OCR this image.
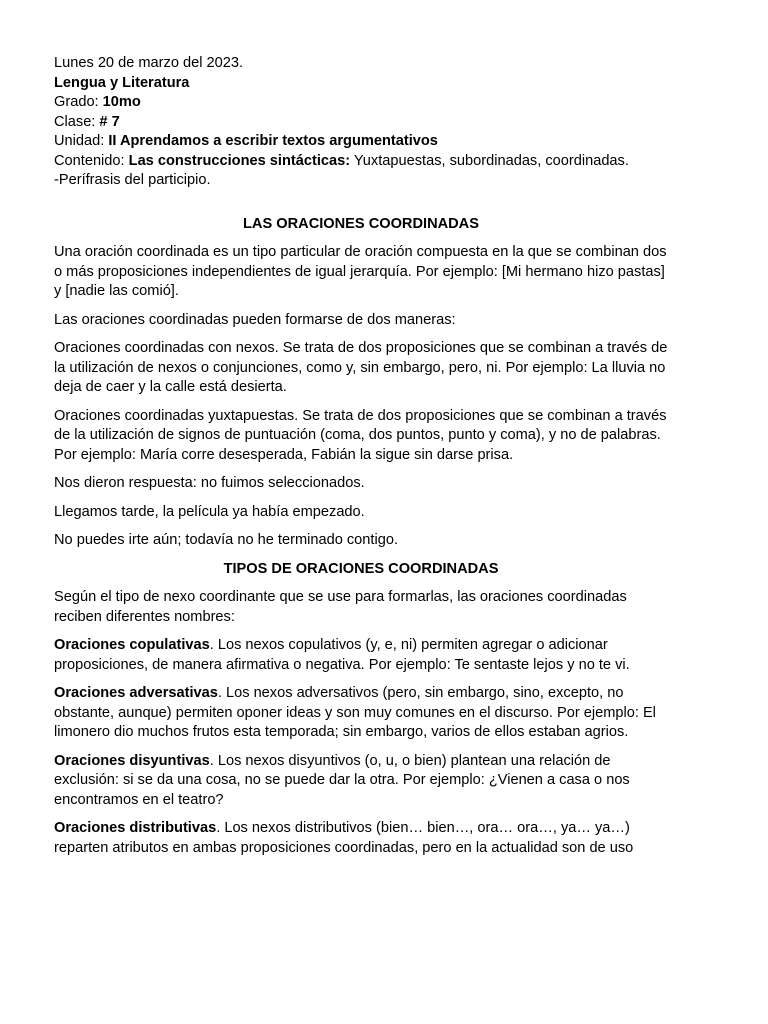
Lunes 20 de marzo del 2023.

Lengua y Literatura

Grado: 10mo

Clase: # 7

Unidad: II Aprendamos a escribir textos argumentativos

Contenido: Las construcciones sintácticas: Yuxtapuestas, subordinadas, coordinadas.

-Perífrasis del participio.

LAS ORACIONES COORDINADAS

Una oración coordinada es un tipo particular de oración compuesta en la que se combinan dos o más proposiciones independientes de igual jerarquía. Por ejemplo: [Mi hermano hizo pastas] y [nadie las comió].

Las oraciones coordinadas pueden formarse de dos maneras:

Oraciones coordinadas con nexos. Se trata de dos proposiciones que se combinan a través de la utilización de nexos o conjunciones, como y, sin embargo, pero, ni. Por ejemplo: La lluvia no deja de caer y la calle está desierta.

Oraciones coordinadas yuxtapuestas. Se trata de dos proposiciones que se combinan a través de la utilización de signos de puntuación (coma, dos puntos, punto y coma), y no de palabras. Por ejemplo: María corre desesperada, Fabián la sigue sin darse prisa.

Nos dieron respuesta: no fuimos seleccionados.

Llegamos tarde, la película ya había empezado.

No puedes irte aún; todavía no he terminado contigo.

TIPOS DE ORACIONES COORDINADAS

Según el tipo de nexo coordinante que se use para formarlas, las oraciones coordinadas reciben diferentes nombres:

Oraciones copulativas. Los nexos copulativos (y, e, ni) permiten agregar o adicionar proposiciones, de manera afirmativa o negativa. Por ejemplo: Te sentaste lejos y no te vi.

Oraciones adversativas. Los nexos adversativos (pero, sin embargo, sino, excepto, no obstante, aunque) permiten oponer ideas y son muy comunes en el discurso. Por ejemplo: El limonero dio muchos frutos esta temporada; sin embargo, varios de ellos estaban agrios.

Oraciones disyuntivas. Los nexos disyuntivos (o, u, o bien) plantean una relación de exclusión: si se da una cosa, no se puede dar la otra. Por ejemplo: ¿Vienen a casa o nos encontramos en el teatro?

Oraciones distributivas. Los nexos distributivos (bien… bien…, ora… ora…, ya… ya…) reparten atributos en ambas proposiciones coordinadas, pero en la actualidad son de uso
